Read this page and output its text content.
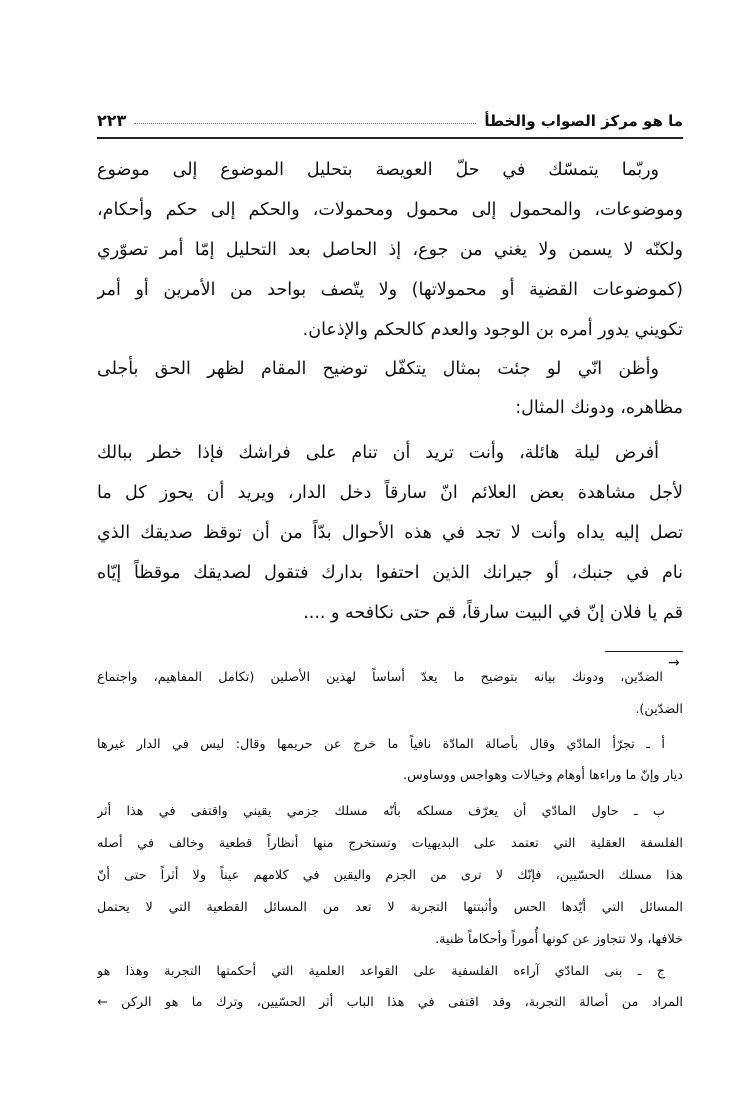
ما هو مركز الصواب والخطأ
٢٢٣
وربّما يتمسّك في حلّ العويصة بتحليل الموضوع إلى موضوع
وموضوعات، والمحمول إلى محمول ومحمولات، والحكم إلى حكم وأحكام،
ولكنّه لا يسمن ولا يغني من جوع، إذ الحاصل بعد التحليل إمّا أمر تصوّري
(كموضوعات القضية أو محمولاتها) ولا يتّصف بواحد من الأمرين أو أمر
تكويني يدور أمره بن الوجود والعدم كالحكم والإذعان.
وأظن انّي لو جئت بمثال يتكفّل توضيح المقام لظهر الحق بأجلى
مظاهره، ودونك المثال:
أفرض ليلة هائلة، وأنت تريد أن تنام على فراشك فإذا خطر ببالك
لأجل مشاهدة بعض العلائم انّ سارقاً دخل الدار، ويريد أن يحوز كل ما
تصل إليه يداه وأنت لا تجد في هذه الأحوال بدّاً من أن توقظ صديقك الذي
نام في جنبك، أو جيرانك الذين احتفوا بدارك فتقول لصديقك موقظاً إيّاه
قم يا فلان إنّ في البيت سارقاً، قم حتى نكافحه و ....
→
الضدّين، ودونك بيانه بتوضيح ما يعدّ أساساً لهذين الأصلين (تكامل المفاهيم، واجتماع
الضدّين).
أ ـ تجرّأ المادّي وقال بأصالة المادّة نافياً ما خرج عن حريمها وقال: ليس في الدار غيرها
ديار وإنّ ما وراءها أوهام وخيالات وهواجس ووساوس.
ب ـ حاول المادّي أن يعرّف مسلكه بأنّه مسلك جزمي يقيني واقتفى في هذا أثر
الفلسفة العقلية التي تعتمد على البديهيات وتستخرج منها أنظاراً قطعية وخالف في أصله
هذا مسلك الحسّيين، فإنّك لا ترى من الجزم واليقين في كلامهم عيناً ولا أثراً حتى أنّ
المسائل التي أيّدها الحس وأثبتتها التجربة لا تعد من المسائل القطعية التي لا يحتمل
خلافها، ولا تتجاوز عن كونها أُموراً وأحكاماً ظنية.
ج ـ بنى المادّي آراءه الفلسفية على القواعد العلمية التي أحكمتها التجربة وهذا هو
المراد من أصالة التجربة، وقد اقتفى في هذا الباب أثر الحسّيين، وترك ما هو الركن ←
